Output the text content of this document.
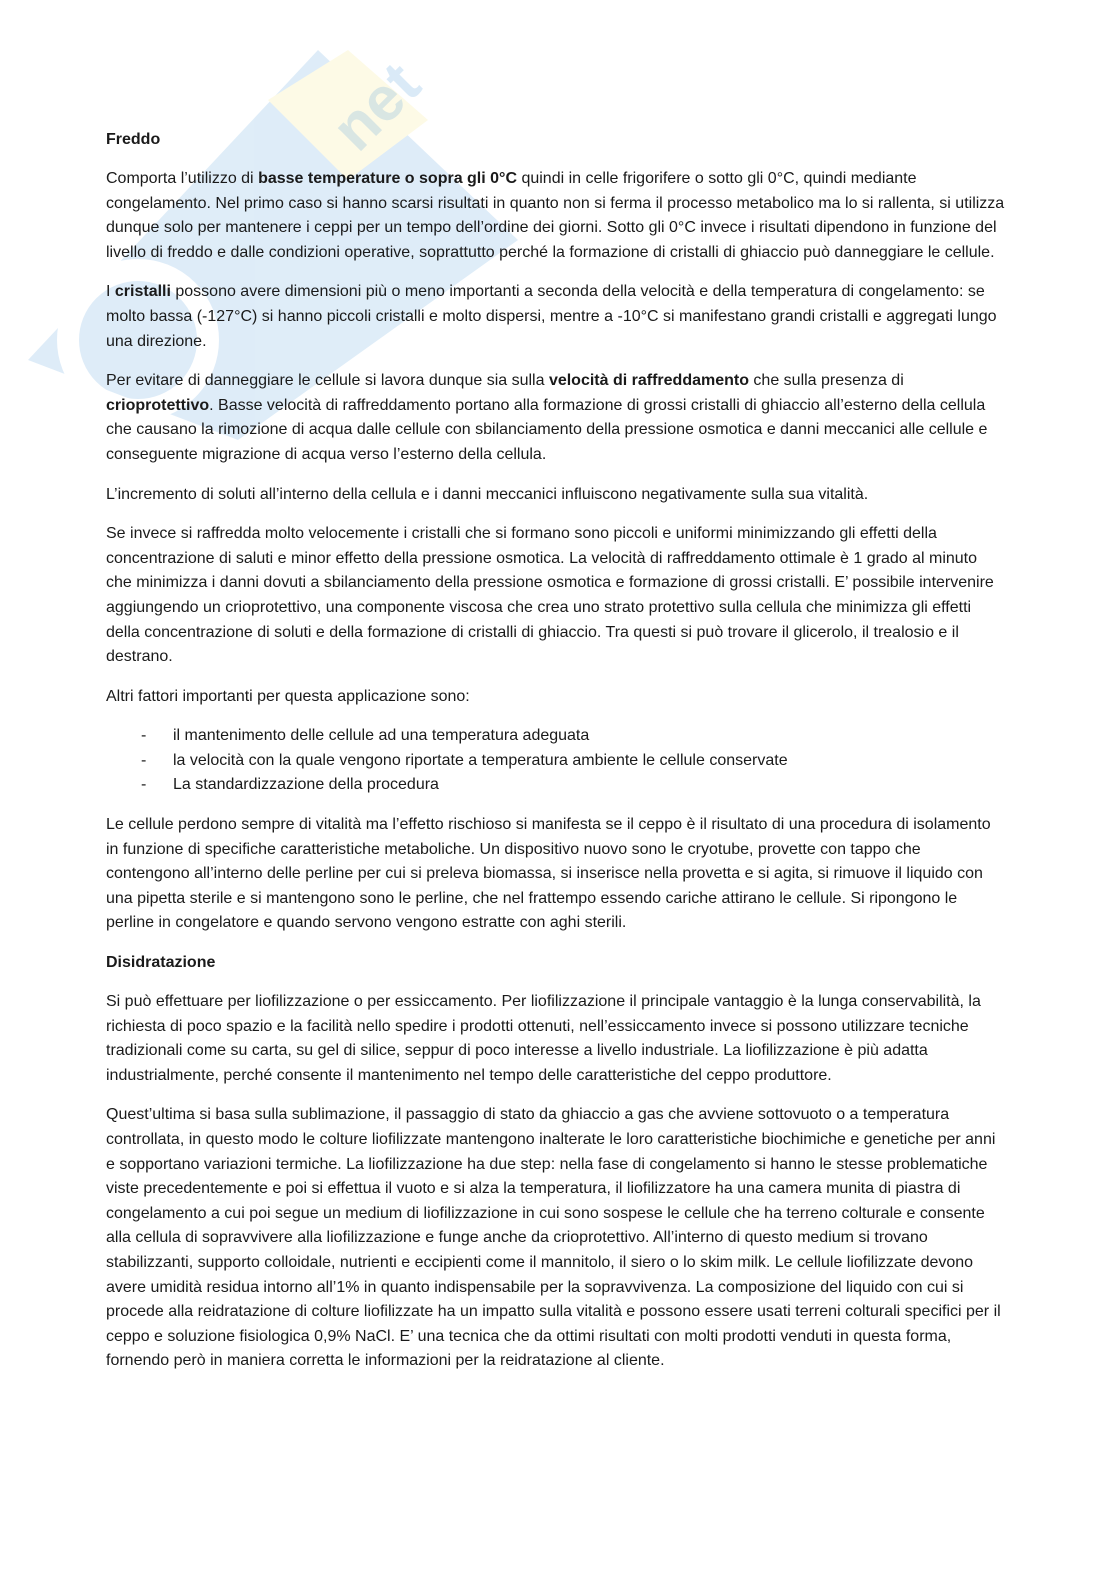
net
Freddo

Comporta l’utilizzo di basse temperature o sopra gli 0°C quindi in celle frigorifere o sotto gli 0°C, quindi mediante congelamento. Nel primo caso si hanno scarsi risultati in quanto non si ferma il processo metabolico ma lo si rallenta, si utilizza dunque solo per mantenere i ceppi per un tempo dell’ordine dei giorni. Sotto gli 0°C invece i risultati dipendono in funzione del livello di freddo e dalle condizioni operative, soprattutto perché la formazione di cristalli di ghiaccio può danneggiare le cellule.

I cristalli possono avere dimensioni più o meno importanti a seconda della velocità e della temperatura di congelamento: se molto bassa (-127°C) si hanno piccoli cristalli e molto dispersi, mentre a -10°C si manifestano grandi cristalli e aggregati lungo una direzione.

Per evitare di danneggiare le cellule si lavora dunque sia sulla velocità di raffreddamento che sulla presenza di crioprotettivo. Basse velocità di raffreddamento portano alla formazione di grossi cristalli di ghiaccio all’esterno della cellula che causano la rimozione di acqua dalle cellule con sbilanciamento della pressione osmotica e danni meccanici alle cellule e conseguente migrazione di acqua verso l’esterno della cellula.

L’incremento di soluti all’interno della cellula e i danni meccanici influiscono negativamente sulla sua vitalità.

Se invece si raffredda molto velocemente i cristalli che si formano sono piccoli e uniformi minimizzando gli effetti della concentrazione di saluti e minor effetto della pressione osmotica. La velocità di raffreddamento ottimale è 1 grado al minuto che minimizza i danni dovuti a sbilanciamento della pressione osmotica e formazione di grossi cristalli. E’ possibile intervenire aggiungendo un crioprotettivo, una componente viscosa che crea uno strato protettivo sulla cellula che minimizza gli effetti della concentrazione di soluti e della formazione di cristalli di ghiaccio. Tra questi si può trovare il glicerolo, il trealosio e il destrano.

Altri fattori importanti per questa applicazione sono:

- il mantenimento delle cellule ad una temperatura adeguata
- la velocità con la quale vengono riportate a temperatura ambiente le cellule conservate
- La standardizzazione della procedura

Le cellule perdono sempre di vitalità ma l’effetto rischioso si manifesta se il ceppo è il risultato di una procedura di isolamento in funzione di specifiche caratteristiche metaboliche. Un dispositivo nuovo sono le cryotube, provette con tappo che contengono all’interno delle perline per cui si preleva biomassa, si inserisce nella provetta e si agita, si rimuove il liquido con una pipetta sterile e si mantengono sono le perline, che nel frattempo essendo cariche attirano le cellule. Si ripongono le perline in congelatore e quando servono vengono estratte con aghi sterili.

Disidratazione

Si può effettuare per liofilizzazione o per essiccamento. Per liofilizzazione il principale vantaggio è la lunga conservabilità, la richiesta di poco spazio e la facilità nello spedire i prodotti ottenuti, nell’essiccamento invece si possono utilizzare tecniche tradizionali come su carta, su gel di silice, seppur di poco interesse a livello industriale. La liofilizzazione è più adatta industrialmente, perché consente il mantenimento nel tempo delle caratteristiche del ceppo produttore.

Quest’ultima si basa sulla sublimazione, il passaggio di stato da ghiaccio a gas che avviene sottovuoto o a temperatura controllata, in questo modo le colture liofilizzate mantengono inalterate le loro caratteristiche biochimiche e genetiche per anni e sopportano variazioni termiche. La liofilizzazione ha due step: nella fase di congelamento si hanno le stesse problematiche viste precedentemente e poi si effettua il vuoto e si alza la temperatura, il liofilizzatore ha una camera munita di piastra di congelamento a cui poi segue un medium di liofilizzazione in cui sono sospese le cellule che ha terreno colturale e consente alla cellula di sopravvivere alla liofilizzazione e funge anche da crioprotettivo. All’interno di questo medium si trovano stabilizzanti, supporto colloidale, nutrienti e eccipienti come il mannitolo, il siero o lo skim milk. Le cellule liofilizzate devono avere umidità residua intorno all’1% in quanto indispensabile per la sopravvivenza. La composizione del liquido con cui si procede alla reidratazione di colture liofilizzate ha un impatto sulla vitalità e possono essere usati terreni colturali specifici per il ceppo e soluzione fisiologica 0,9% NaCl. E’ una tecnica che da ottimi risultati con molti prodotti venduti in questa forma, fornendo però in maniera corretta le informazioni per la reidratazione al cliente.
